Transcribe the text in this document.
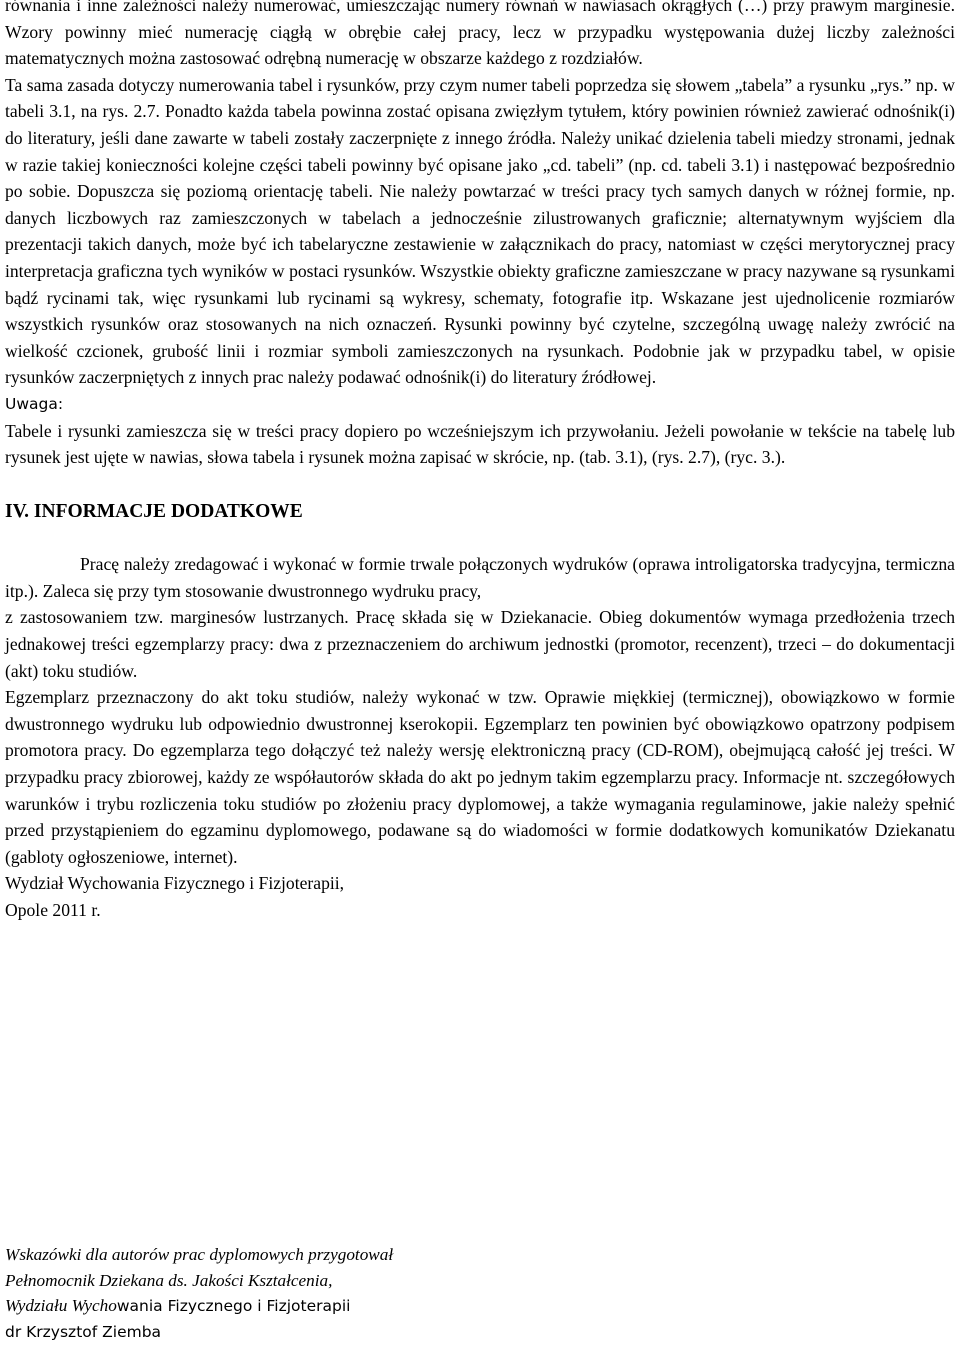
równania i inne zależności należy numerować, umieszczając numery równań w nawiasach okrągłych (…) przy prawym marginesie. Wzory powinny mieć numerację ciągłą w obrębie całej pracy, lecz w przypadku występowania dużej liczby zależności matematycznych można zastosować odrębną numerację w obszarze każdego z rozdziałów.

Ta sama zasada dotyczy numerowania tabel i rysunków, przy czym numer tabeli poprzedza się słowem „tabela” a rysunku „rys.” np. w tabeli 3.1, na rys. 2.7. Ponadto każda tabela powinna zostać opisana zwięzłym tytułem, który powinien również zawierać odnośnik(i) do literatury, jeśli dane zawarte w tabeli zostały zaczerpnięte z innego źródła. Należy unikać dzielenia tabeli miedzy stronami, jednak w razie takiej konieczności kolejne części tabeli powinny być opisane jako „cd. tabeli” (np. cd. tabeli 3.1) i następować bezpośrednio po sobie. Dopuszcza się poziomą orientację tabeli. Nie należy powtarzać w treści pracy tych samych danych w różnej formie, np. danych liczbowych raz zamieszczonych w tabelach a jednocześnie zilustrowanych graficznie; alternatywnym wyjściem dla prezentacji takich danych, może być ich tabelaryczne zestawienie w załącznikach do pracy, natomiast w części merytorycznej pracy interpretacja graficzna tych wyników w postaci rysunków. Wszystkie obiekty graficzne zamieszczane w pracy nazywane są rysunkami bądź rycinami tak, więc rysunkami lub rycinami są wykresy, schematy, fotografie itp. Wskazane jest ujednolicenie rozmiarów wszystkich rysunków oraz stosowanych na nich oznaczeń. Rysunki powinny być czytelne, szczególną uwagę należy zwrócić na wielkość czcionek, grubość linii i rozmiar symboli zamieszczonych na rysunkach. Podobnie jak w przypadku tabel, w opisie rysunków zaczerpniętych z innych prac należy podawać odnośnik(i) do literatury źródłowej.

Uwaga:

Tabele i rysunki zamieszcza się w treści pracy dopiero po wcześniejszym ich przywołaniu. Jeżeli powołanie w tekście na tabelę lub rysunek jest ujęte w nawias, słowa tabela i rysunek można zapisać w skrócie, np. (tab. 3.1), (rys. 2.7), (ryc. 3.).

IV. INFORMACJE DODATKOWE

Pracę należy zredagować i wykonać w formie trwale połączonych wydruków (oprawa introligatorska tradycyjna, termiczna itp.). Zaleca się przy tym stosowanie dwustronnego wydruku pracy,

z zastosowaniem tzw. marginesów lustrzanych. Pracę składa się w Dziekanacie. Obieg dokumentów wymaga przedłożenia trzech jednakowej treści egzemplarzy pracy: dwa z przeznaczeniem do archiwum jednostki (promotor, recenzent), trzeci – do dokumentacji (akt) toku studiów.

Egzemplarz przeznaczony do akt toku studiów, należy wykonać w tzw. Oprawie miękkiej (termicznej), obowiązkowo w formie dwustronnego wydruku lub odpowiednio dwustronnej kserokopii. Egzemplarz ten powinien być obowiązkowo opatrzony podpisem promotora pracy. Do egzemplarza tego dołączyć też należy wersję elektroniczną pracy (CD-ROM), obejmującą całość jej treści. W przypadku pracy zbiorowej, każdy ze współautorów składa do akt po jednym takim egzemplarzu pracy. Informacje nt. szczegółowych warunków i trybu rozliczenia toku studiów po złożeniu pracy dyplomowej, a także wymagania regulaminowe, jakie należy spełnić przed przystąpieniem do egzaminu dyplomowego, podawane są do wiadomości w formie dodatkowych komunikatów Dziekanatu (gabloty ogłoszeniowe, internet).

Wydział Wychowania Fizycznego i Fizjoterapii,

Opole 2011 r.

Wskazówki dla autorów prac dyplomowych przygotował

Pełnomocnik Dziekana ds. Jakości Kształcenia,

Wydziału Wychowania Fizycznego i Fizjoterapii

dr Krzysztof Ziemba
